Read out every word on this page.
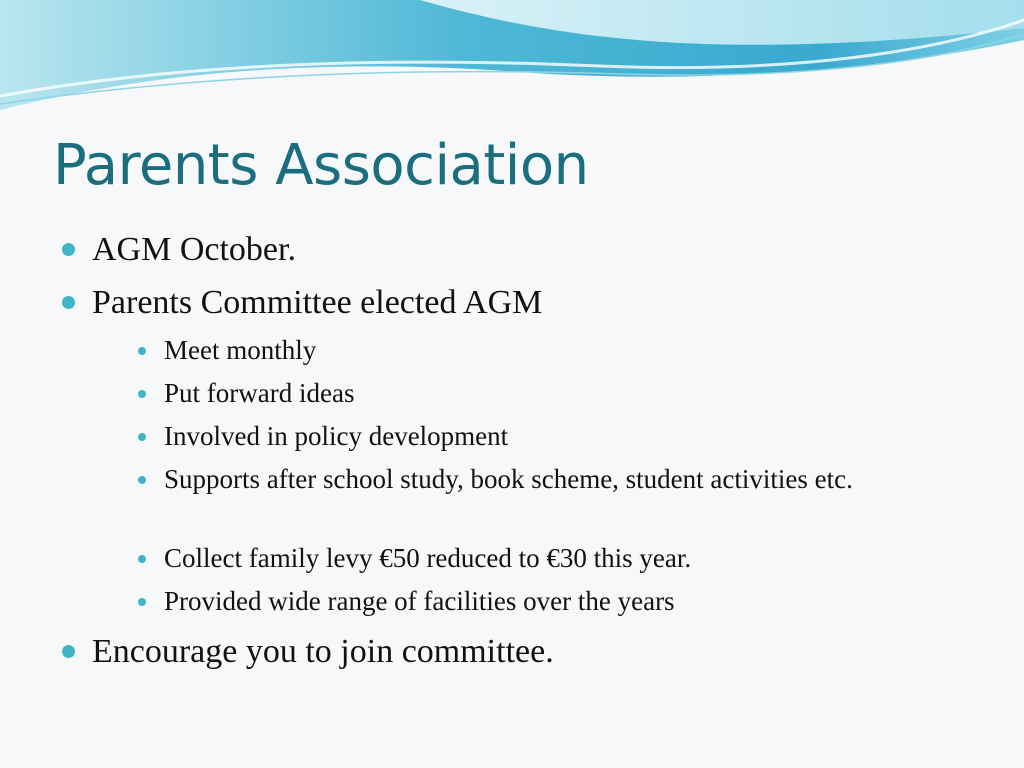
Parents Association
AGM October.
Parents Committee elected AGM
Meet monthly
Put forward ideas
Involved in policy development
Supports after school study, book scheme, student activities etc.
Collect family levy €50 reduced to €30 this year.
Provided wide range of facilities over the years
Encourage you to join committee.
